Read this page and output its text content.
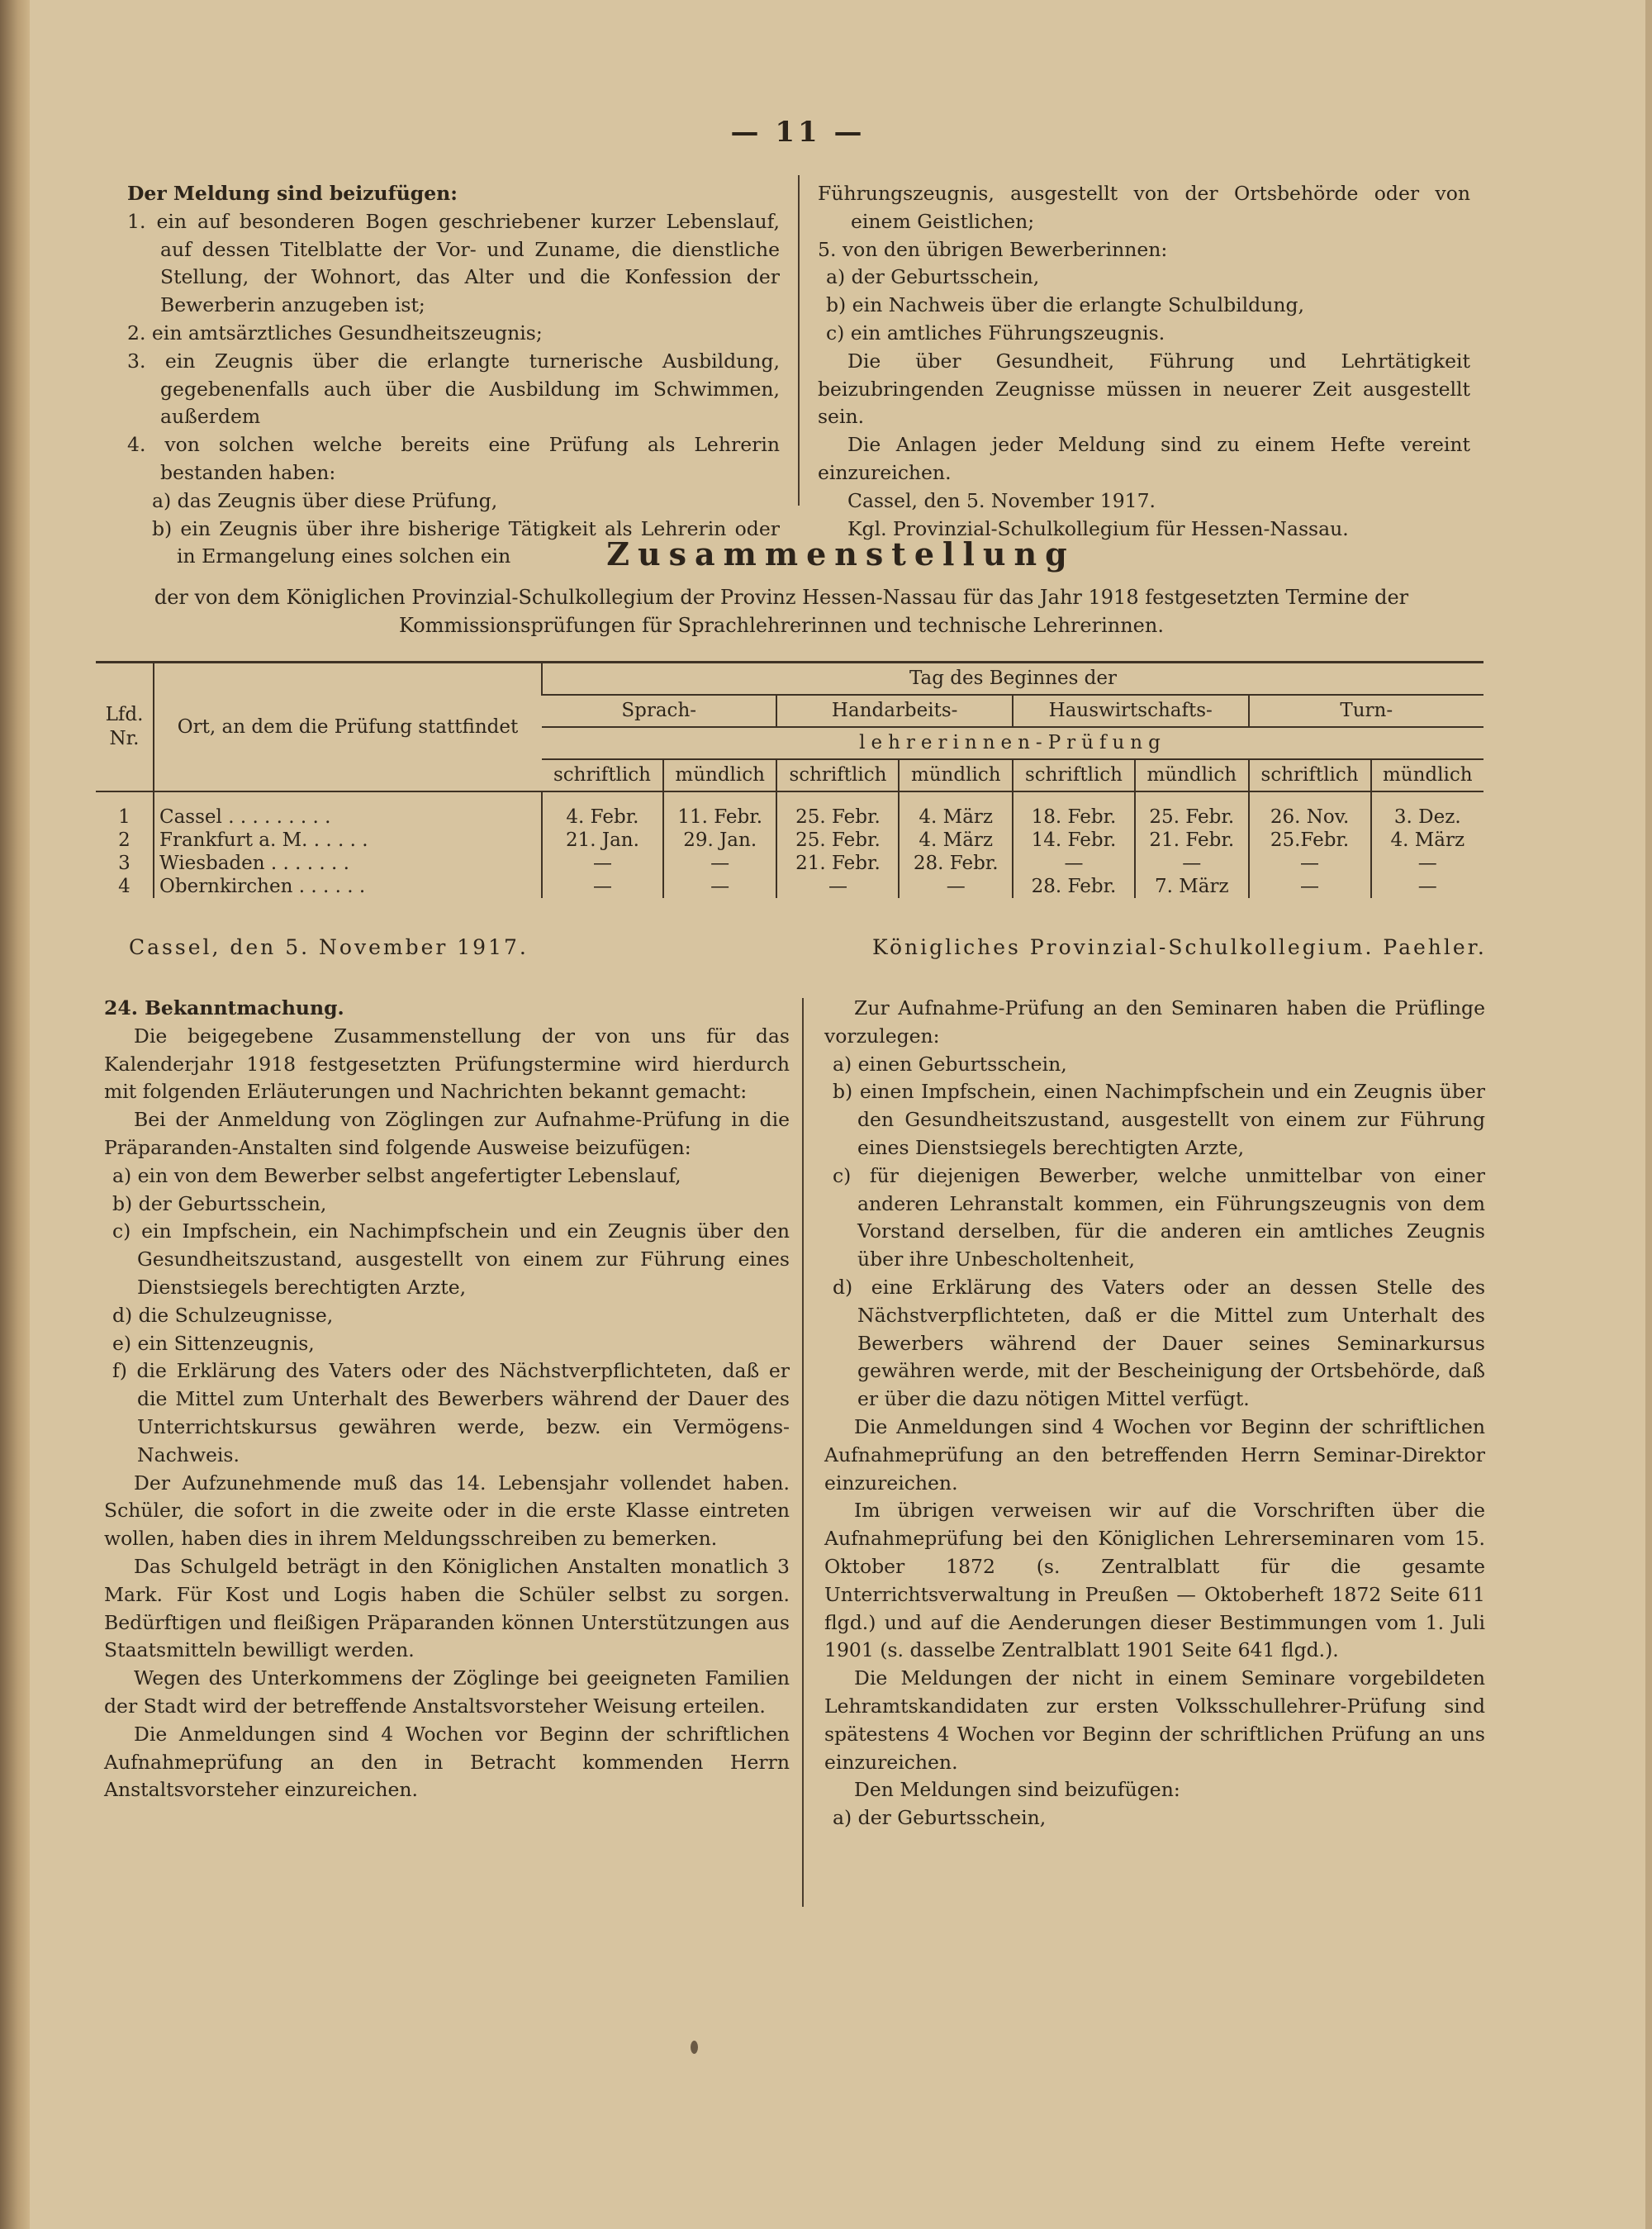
— 11 —

Der Meldung sind beizufügen:

1. ein auf besonderen Bogen geschriebener kurzer Lebenslauf, auf dessen Titelblatte der Vor- und Zuname, die dienstliche Stellung, der Wohnort, das Alter und die Konfession der Bewerberin anzugeben ist;

2. ein amtsärztliches Gesundheitszeugnis;

3. ein Zeugnis über die erlangte turnerische Ausbildung, gegebenenfalls auch über die Ausbildung im Schwimmen, außerdem

4. von solchen welche bereits eine Prüfung als Lehrerin bestanden haben:

a) das Zeugnis über diese Prüfung,

b) ein Zeugnis über ihre bisherige Tätigkeit als Lehrerin oder in Ermangelung eines solchen ein

Führungszeugnis, ausgestellt von der Ortsbehörde oder von einem Geistlichen;

5. von den übrigen Bewerberinnen:

a) der Geburtsschein,

b) ein Nachweis über die erlangte Schulbildung,

c) ein amtliches Führungszeugnis.

Die über Gesundheit, Führung und Lehrtätigkeit beizubringenden Zeugnisse müssen in neuerer Zeit ausgestellt sein.

Die Anlagen jeder Meldung sind zu einem Hefte vereint einzureichen.

Cassel, den 5. November 1917.

Kgl. Provinzial-Schulkollegium für Hessen-Nassau.

Zusammenstellung
der von dem Königlichen Provinzial-Schulkollegium der Provinz Hessen-Nassau für das Jahr 1918 festgesetzten Termine der Kommissionsprüfungen für Sprachlehrerinnen und technische Lehrerinnen.
Lfd. Nr.	Ort, an dem die Prüfung stattfindet	Tag des Beginnes der							
		Sprach-		Handarbeits-		Hauswirtschafts-		Turn-	
		lehrerinnen-Prüfung							
		schriftlich	mündlich	schriftlich	mündlich	schriftlich	mündlich	schriftlich	mündlich
1	Cassel . . . . . . . . .	4. Febr.	11. Febr.	25. Febr.	4. März	18. Febr.	25. Febr.	26. Nov.	3. Dez.
2	Frankfurt a. M. . . . . .	21. Jan.	29. Jan.	25. Febr.	4. März	14. Febr.	21. Febr.	25.Febr.	4. März
3	Wiesbaden . . . . . . .	—	—	21. Febr.	28. Febr.	—	—	—	—
4	Obernkirchen . . . . . .	—	—	—	—	28. Febr.	7. März	—	—
Cassel, den 5. November 1917.	Königliches Provinzial-Schulkollegium. Paehler.

24. Bekanntmachung.

Die beigegebene Zusammenstellung der von uns für das Kalenderjahr 1918 festgesetzten Prüfungstermine wird hierdurch mit folgenden Erläuterungen und Nachrichten bekannt gemacht:

Bei der Anmeldung von Zöglingen zur Aufnahme-Prüfung in die Präparanden-Anstalten sind folgende Ausweise beizufügen:

a) ein von dem Bewerber selbst angefertigter Lebenslauf,

b) der Geburtsschein,

c) ein Impfschein, ein Nachimpfschein und ein Zeugnis über den Gesundheitszustand, ausgestellt von einem zur Führung eines Dienstsiegels berechtigten Arzte,

d) die Schulzeugnisse,

e) ein Sittenzeugnis,

f) die Erklärung des Vaters oder des Nächstverpflichteten, daß er die Mittel zum Unterhalt des Bewerbers während der Dauer des Unterrichtskursus gewähren werde, bezw. ein Vermögens-Nachweis.

Der Aufzunehmende muß das 14. Lebensjahr vollendet haben. Schüler, die sofort in die zweite oder in die erste Klasse eintreten wollen, haben dies in ihrem Meldungsschreiben zu bemerken.

Das Schulgeld beträgt in den Königlichen Anstalten monatlich 3 Mark. Für Kost und Logis haben die Schüler selbst zu sorgen. Bedürftigen und fleißigen Präparanden können Unterstützungen aus Staatsmitteln bewilligt werden.

Wegen des Unterkommens der Zöglinge bei geeigneten Familien der Stadt wird der betreffende Anstaltsvorsteher Weisung erteilen.

Die Anmeldungen sind 4 Wochen vor Beginn der schriftlichen Aufnahmeprüfung an den in Betracht kommenden Herrn Anstaltsvorsteher einzureichen.

Zur Aufnahme-Prüfung an den Seminaren haben die Prüflinge vorzulegen:

a) einen Geburtsschein,

b) einen Impfschein, einen Nachimpfschein und ein Zeugnis über den Gesundheitszustand, ausgestellt von einem zur Führung eines Dienstsiegels berechtigten Arzte,

c) für diejenigen Bewerber, welche unmittelbar von einer anderen Lehranstalt kommen, ein Führungszeugnis von dem Vorstand derselben, für die anderen ein amtliches Zeugnis über ihre Unbescholtenheit,

d) eine Erklärung des Vaters oder an dessen Stelle des Nächstverpflichteten, daß er die Mittel zum Unterhalt des Bewerbers während der Dauer seines Seminarkursus gewähren werde, mit der Bescheinigung der Ortsbehörde, daß er über die dazu nötigen Mittel verfügt.

Die Anmeldungen sind 4 Wochen vor Beginn der schriftlichen Aufnahmeprüfung an den betreffenden Herrn Seminar-Direktor einzureichen.

Im übrigen verweisen wir auf die Vorschriften über die Aufnahmeprüfung bei den Königlichen Lehrerseminaren vom 15. Oktober 1872 (s. Zentralblatt für die gesamte Unterrichtsverwaltung in Preußen — Oktoberheft 1872 Seite 611 flgd.) und auf die Aenderungen dieser Bestimmungen vom 1. Juli 1901 (s. dasselbe Zentralblatt 1901 Seite 641 flgd.).

Die Meldungen der nicht in einem Seminare vorgebildeten Lehramtskandidaten zur ersten Volksschullehrer-Prüfung sind spätestens 4 Wochen vor Beginn der schriftlichen Prüfung an uns einzureichen.

Den Meldungen sind beizufügen:

a) der Geburtsschein,
